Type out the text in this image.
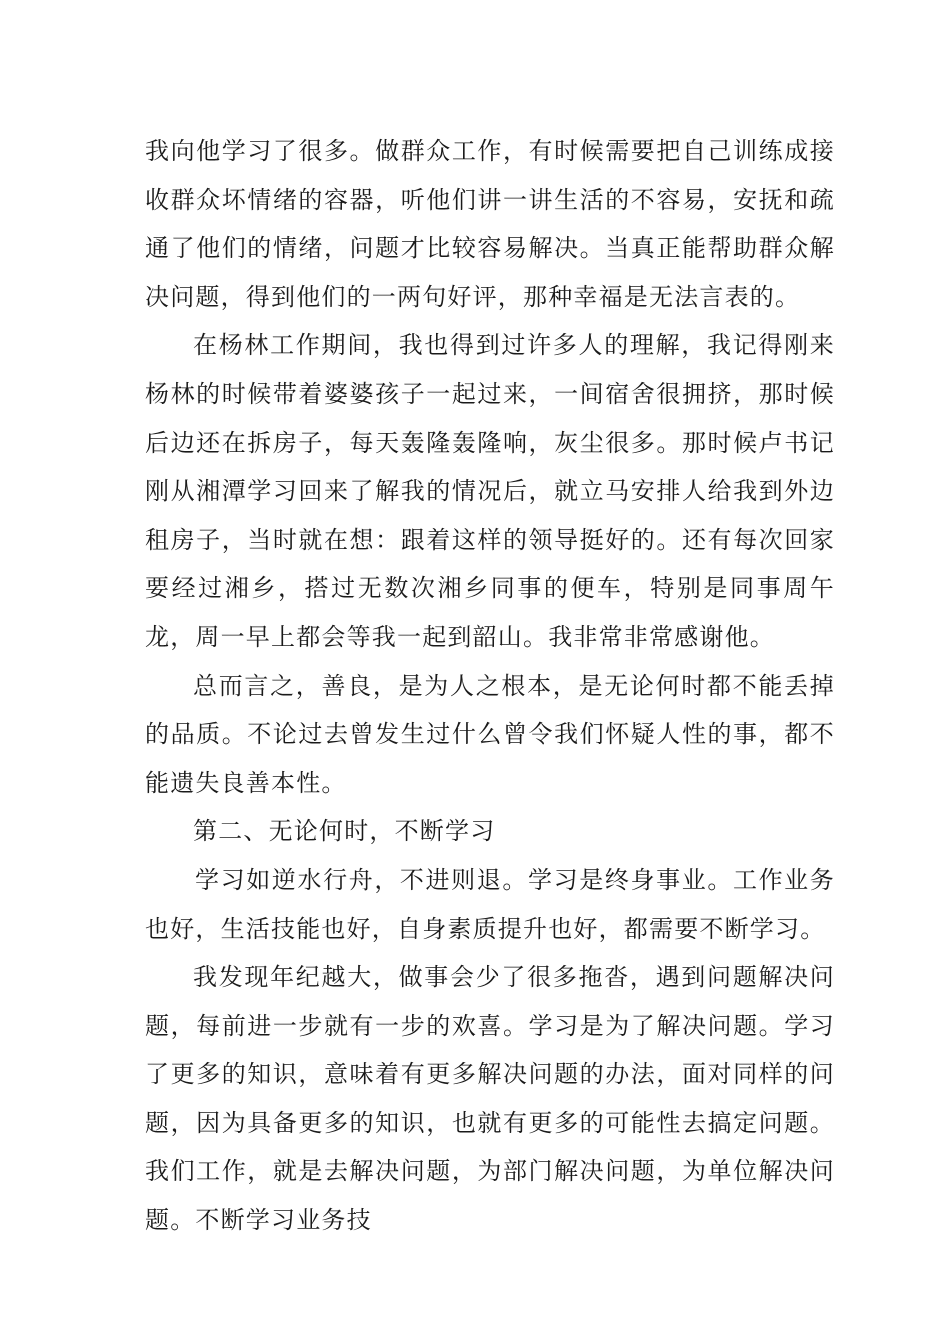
我向他学习了很多。做群众工作，有时候需要把自己训练成接收群众坏情绪的容器，听他们讲一讲生活的不容易，安抚和疏通了他们的情绪，问题才比较容易解决。当真正能帮助群众解决问题，得到他们的一两句好评，那种幸福是无法言表的。

在杨林工作期间，我也得到过许多人的理解，我记得刚来杨林的时候带着婆婆孩子一起过来，一间宿舍很拥挤，那时候后边还在拆房子，每天轰隆轰隆响，灰尘很多。那时候卢书记刚从湘潭学习回来了解我的情况后，就立马安排人给我到外边租房子，当时就在想：跟着这样的领导挺好的。还有每次回家要经过湘乡，搭过无数次湘乡同事的便车，特别是同事周午龙，周一早上都会等我一起到韶山。我非常非常感谢他。

总而言之，善良，是为人之根本，是无论何时都不能丢掉的品质。不论过去曾发生过什么曾令我们怀疑人性的事，都不能遗失良善本性。

第二、无论何时，不断学习

学习如逆水行舟，不进则退。学习是终身事业。工作业务也好，生活技能也好，自身素质提升也好，都需要不断学习。

我发现年纪越大，做事会少了很多拖沓，遇到问题解决问题，每前进一步就有一步的欢喜。学习是为了解决问题。学习了更多的知识，意味着有更多解决问题的办法，面对同样的问题，因为具备更多的知识，也就有更多的可能性去搞定问题。我们工作，就是去解决问题，为部门解决问题，为单位解决问题。不断学习业务技
